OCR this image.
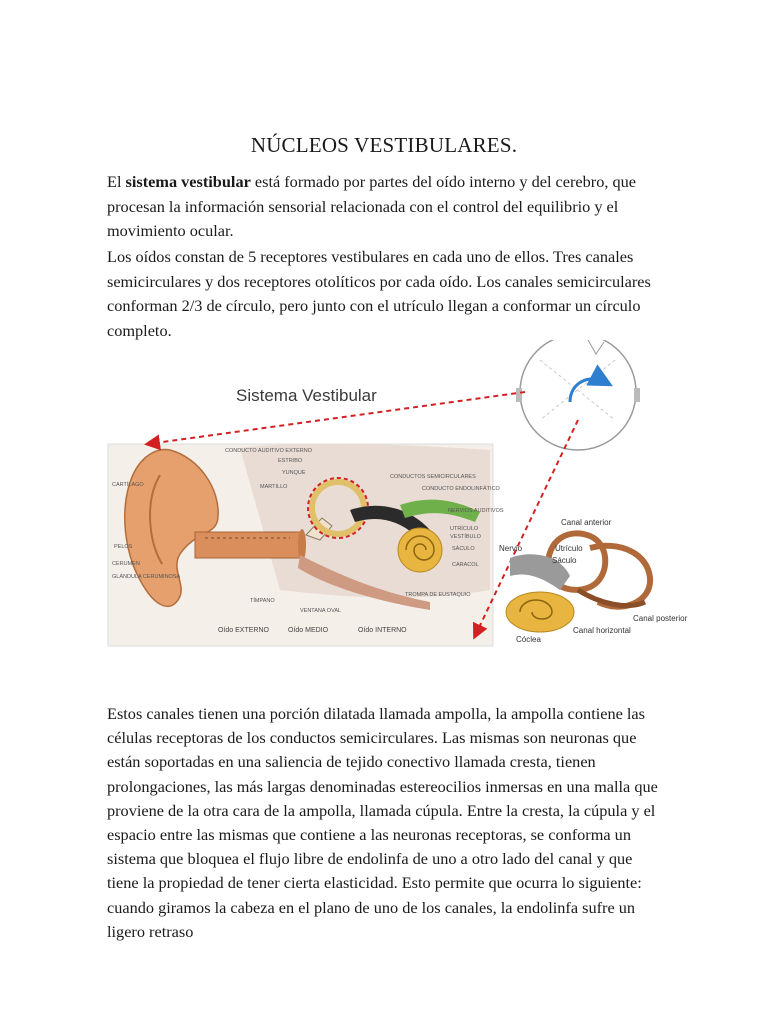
NÚCLEOS VESTIBULARES.

El sistema vestibular está formado por partes del oído interno y del cerebro, que procesan la información sensorial relacionada con el control del equilibrio y el movimiento ocular.

Los oídos constan de 5 receptores vestibulares en cada uno de ellos. Tres canales semicirculares y dos receptores otolíticos por cada oído. Los canales semicirculares conforman 2/3 de círculo, pero junto con el utrículo llegan a conformar un círculo completo.

Sistema Vestibular
CARTÍLAGO
PELOS
CERUMEN
GLÁNDULA CERUMINOSA
CONDUCTO AUDITIVO EXTERNO
ESTRIBO
YUNQUE
MARTILLO
CONDUCTOS SEMICIRCULARES
CONDUCTO ENDOLINFÁTICO
NERVIOS AUDITIVOS
UTRÍCULO
VESTÍBULO
SÁCULO
CARACOL
TROMPA DE EUSTAQUIO
TÍMPANO
VENTANA OVAL
Oído EXTERNO	Oído MEDIO	Oído INTERNO
Canal anterior
Nervio	Utrículo
Sáculo
Canal posterior
Canal horizontal
Cóclea

Estos canales tienen una porción dilatada llamada ampolla, la ampolla contiene las células receptoras de los conductos semicirculares. Las mismas son neuronas que están soportadas en una saliencia de tejido conectivo llamada cresta, tienen prolongaciones, las más largas denominadas estereocilios inmersas en una malla que proviene de la otra cara de la ampolla, llamada cúpula. Entre la cresta, la cúpula y el espacio entre las mismas que contiene a las neuronas receptoras, se conforma un sistema que bloquea el flujo libre de endolinfa de uno a otro lado del canal y que tiene la propiedad de tener cierta elasticidad. Esto permite que ocurra lo siguiente: cuando giramos la cabeza en el plano de uno de los canales, la endolinfa sufre un ligero retraso
